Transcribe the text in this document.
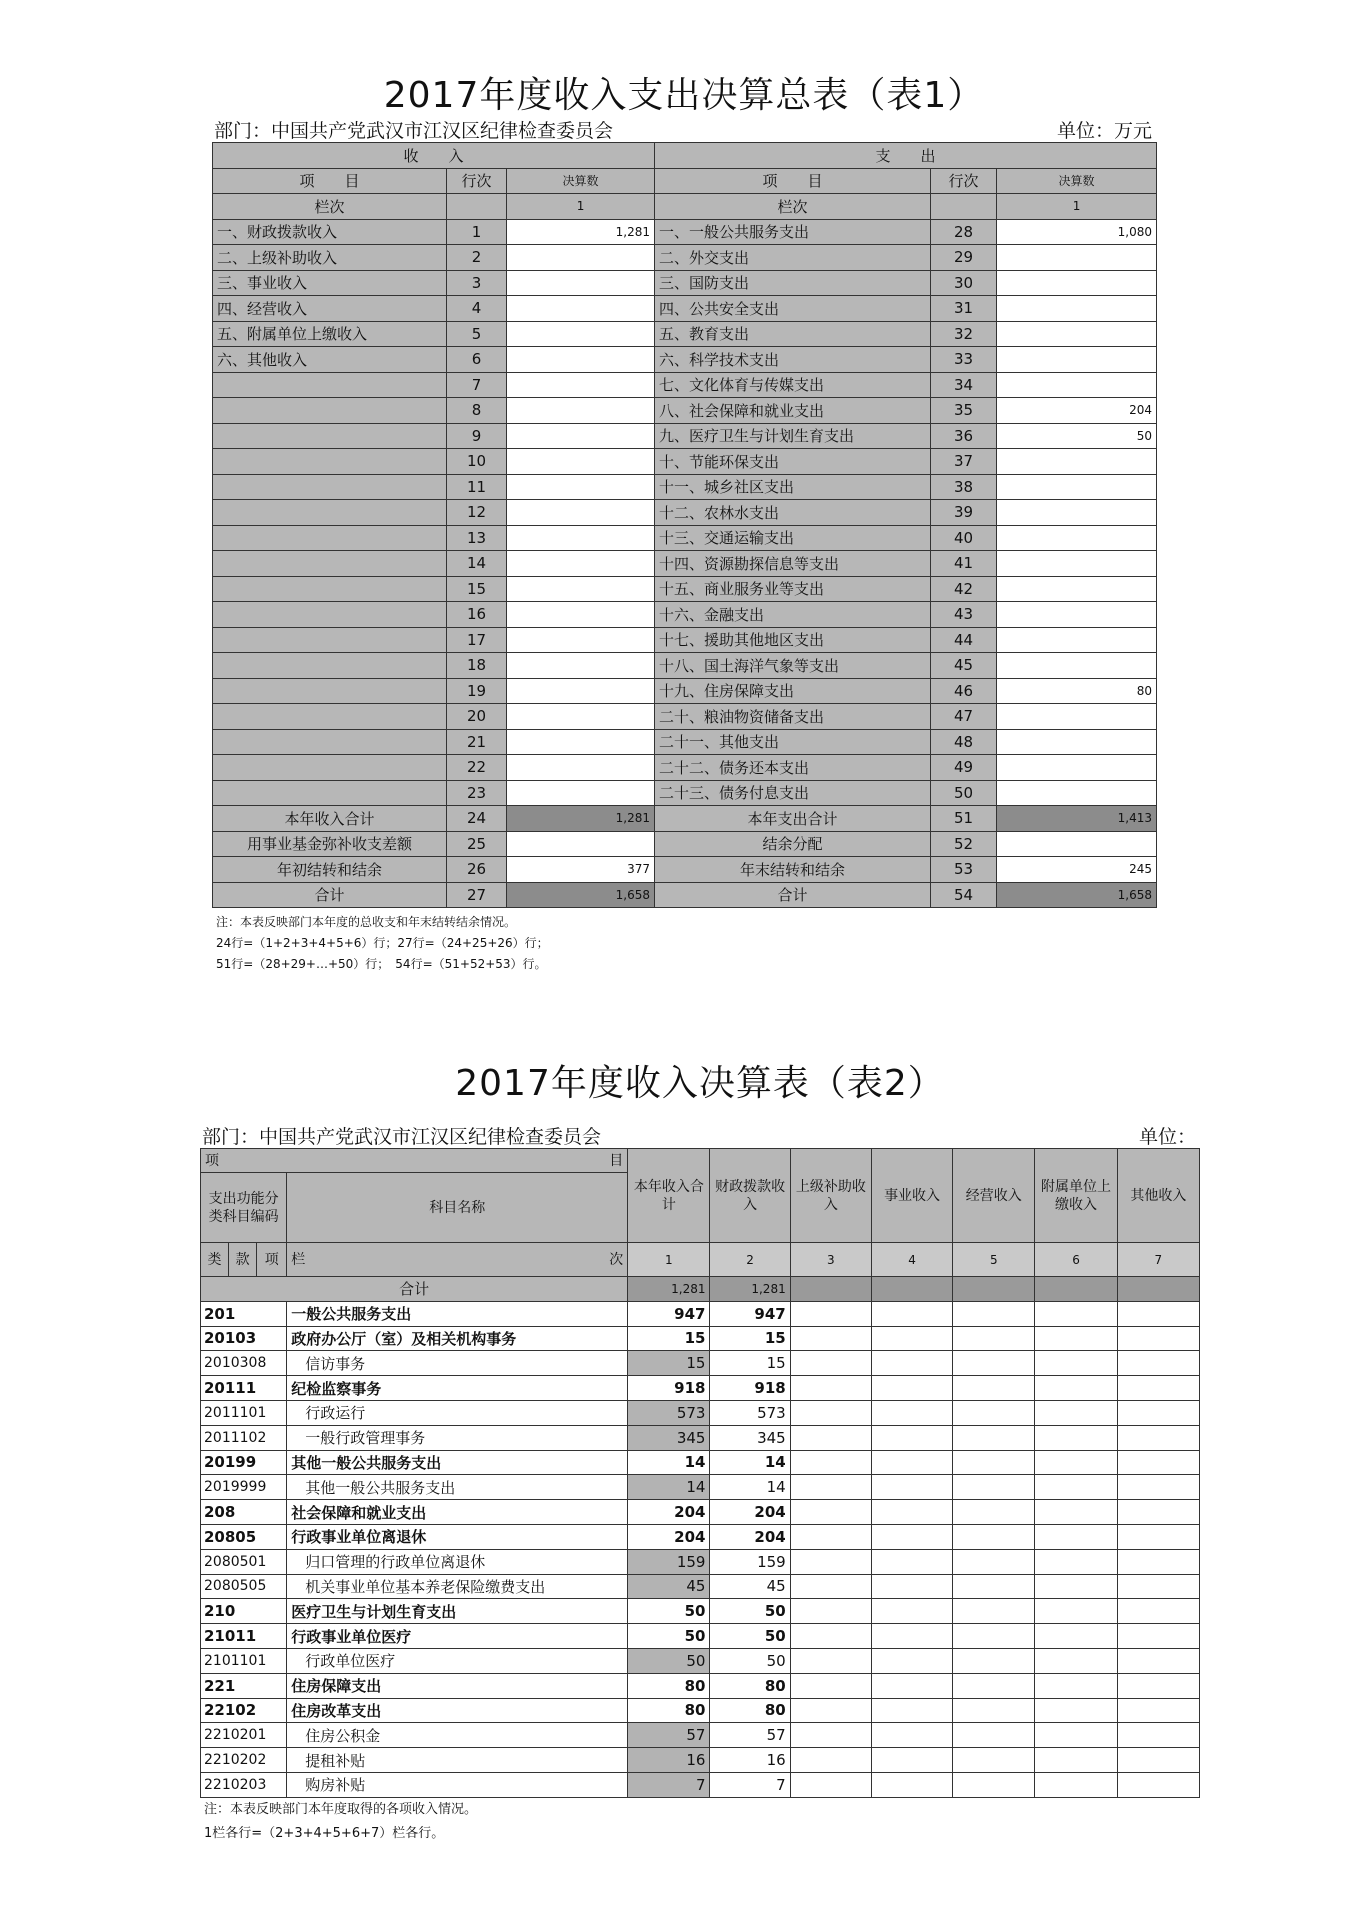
2017年度收入支出决算总表（表1）
部门：中国共产党武汉市江汉区纪律检查委员会	单位：万元
收　　入			支　　出		
项　　目	行次	决算数	项　　目	行次	决算数
栏次		1	栏次		1
一、财政拨款收入	1	1,281	一、一般公共服务支出	28	1,080
二、上级补助收入	2		二、外交支出	29	
三、事业收入	3		三、国防支出	30	
四、经营收入	4		四、公共安全支出	31	
五、附属单位上缴收入	5		五、教育支出	32	
六、其他收入	6		六、科学技术支出	33	
	7		七、文化体育与传媒支出	34	
	8		八、社会保障和就业支出	35	204
	9		九、医疗卫生与计划生育支出	36	50
	10		十、节能环保支出	37	
	11		十一、城乡社区支出	38	
	12		十二、农林水支出	39	
	13		十三、交通运输支出	40	
	14		十四、资源勘探信息等支出	41	
	15		十五、商业服务业等支出	42	
	16		十六、金融支出	43	
	17		十七、援助其他地区支出	44	
	18		十八、国土海洋气象等支出	45	
	19		十九、住房保障支出	46	80
	20		二十、粮油物资储备支出	47	
	21		二十一、其他支出	48	
	22		二十二、债务还本支出	49	
	23		二十三、债务付息支出	50	
本年收入合计	24	1,281	本年支出合计	51	1,413
用事业基金弥补收支差额	25		结余分配	52	
年初结转和结余	26	377	年末结转和结余	53	245
合计	27	1,658	合计	54	1,658
注：本表反映部门本年度的总收支和年末结转结余情况。
24行=（1+2+3+4+5+6）行；27行=（24+25+26）行；
51行=（28+29+…+50）行；　54行=（51+52+53）行。
2017年度收入决算表（表2）
部门：中国共产党武汉市江汉区纪律检查委员会	单位：
项 目				本年收入合计	财政拨款收入	上级补助收入	事业收入	经营收入	附属单位上缴收入	其他收入
支出功能分类科目编码			科目名称							
类	款	项	栏 次	1	2	3	4	5	6	7
合计				1,281	1,281					
201			一般公共服务支出	947	947					
20103			政府办公厅（室）及相关机构事务	15	15					
2010308			信访事务	15	15					
20111			纪检监察事务	918	918					
2011101			行政运行	573	573					
2011102			一般行政管理事务	345	345					
20199			其他一般公共服务支出	14	14					
2019999			其他一般公共服务支出	14	14					
208			社会保障和就业支出	204	204					
20805			行政事业单位离退休	204	204					
2080501			归口管理的行政单位离退休	159	159					
2080505			机关事业单位基本养老保险缴费支出	45	45					
210			医疗卫生与计划生育支出	50	50					
21011			行政事业单位医疗	50	50					
2101101			行政单位医疗	50	50					
221			住房保障支出	80	80					
22102			住房改革支出	80	80					
2210201			住房公积金	57	57					
2210202			提租补贴	16	16					
2210203			购房补贴	7	7					
注：本表反映部门本年度取得的各项收入情况。
1栏各行=（2+3+4+5+6+7）栏各行。
